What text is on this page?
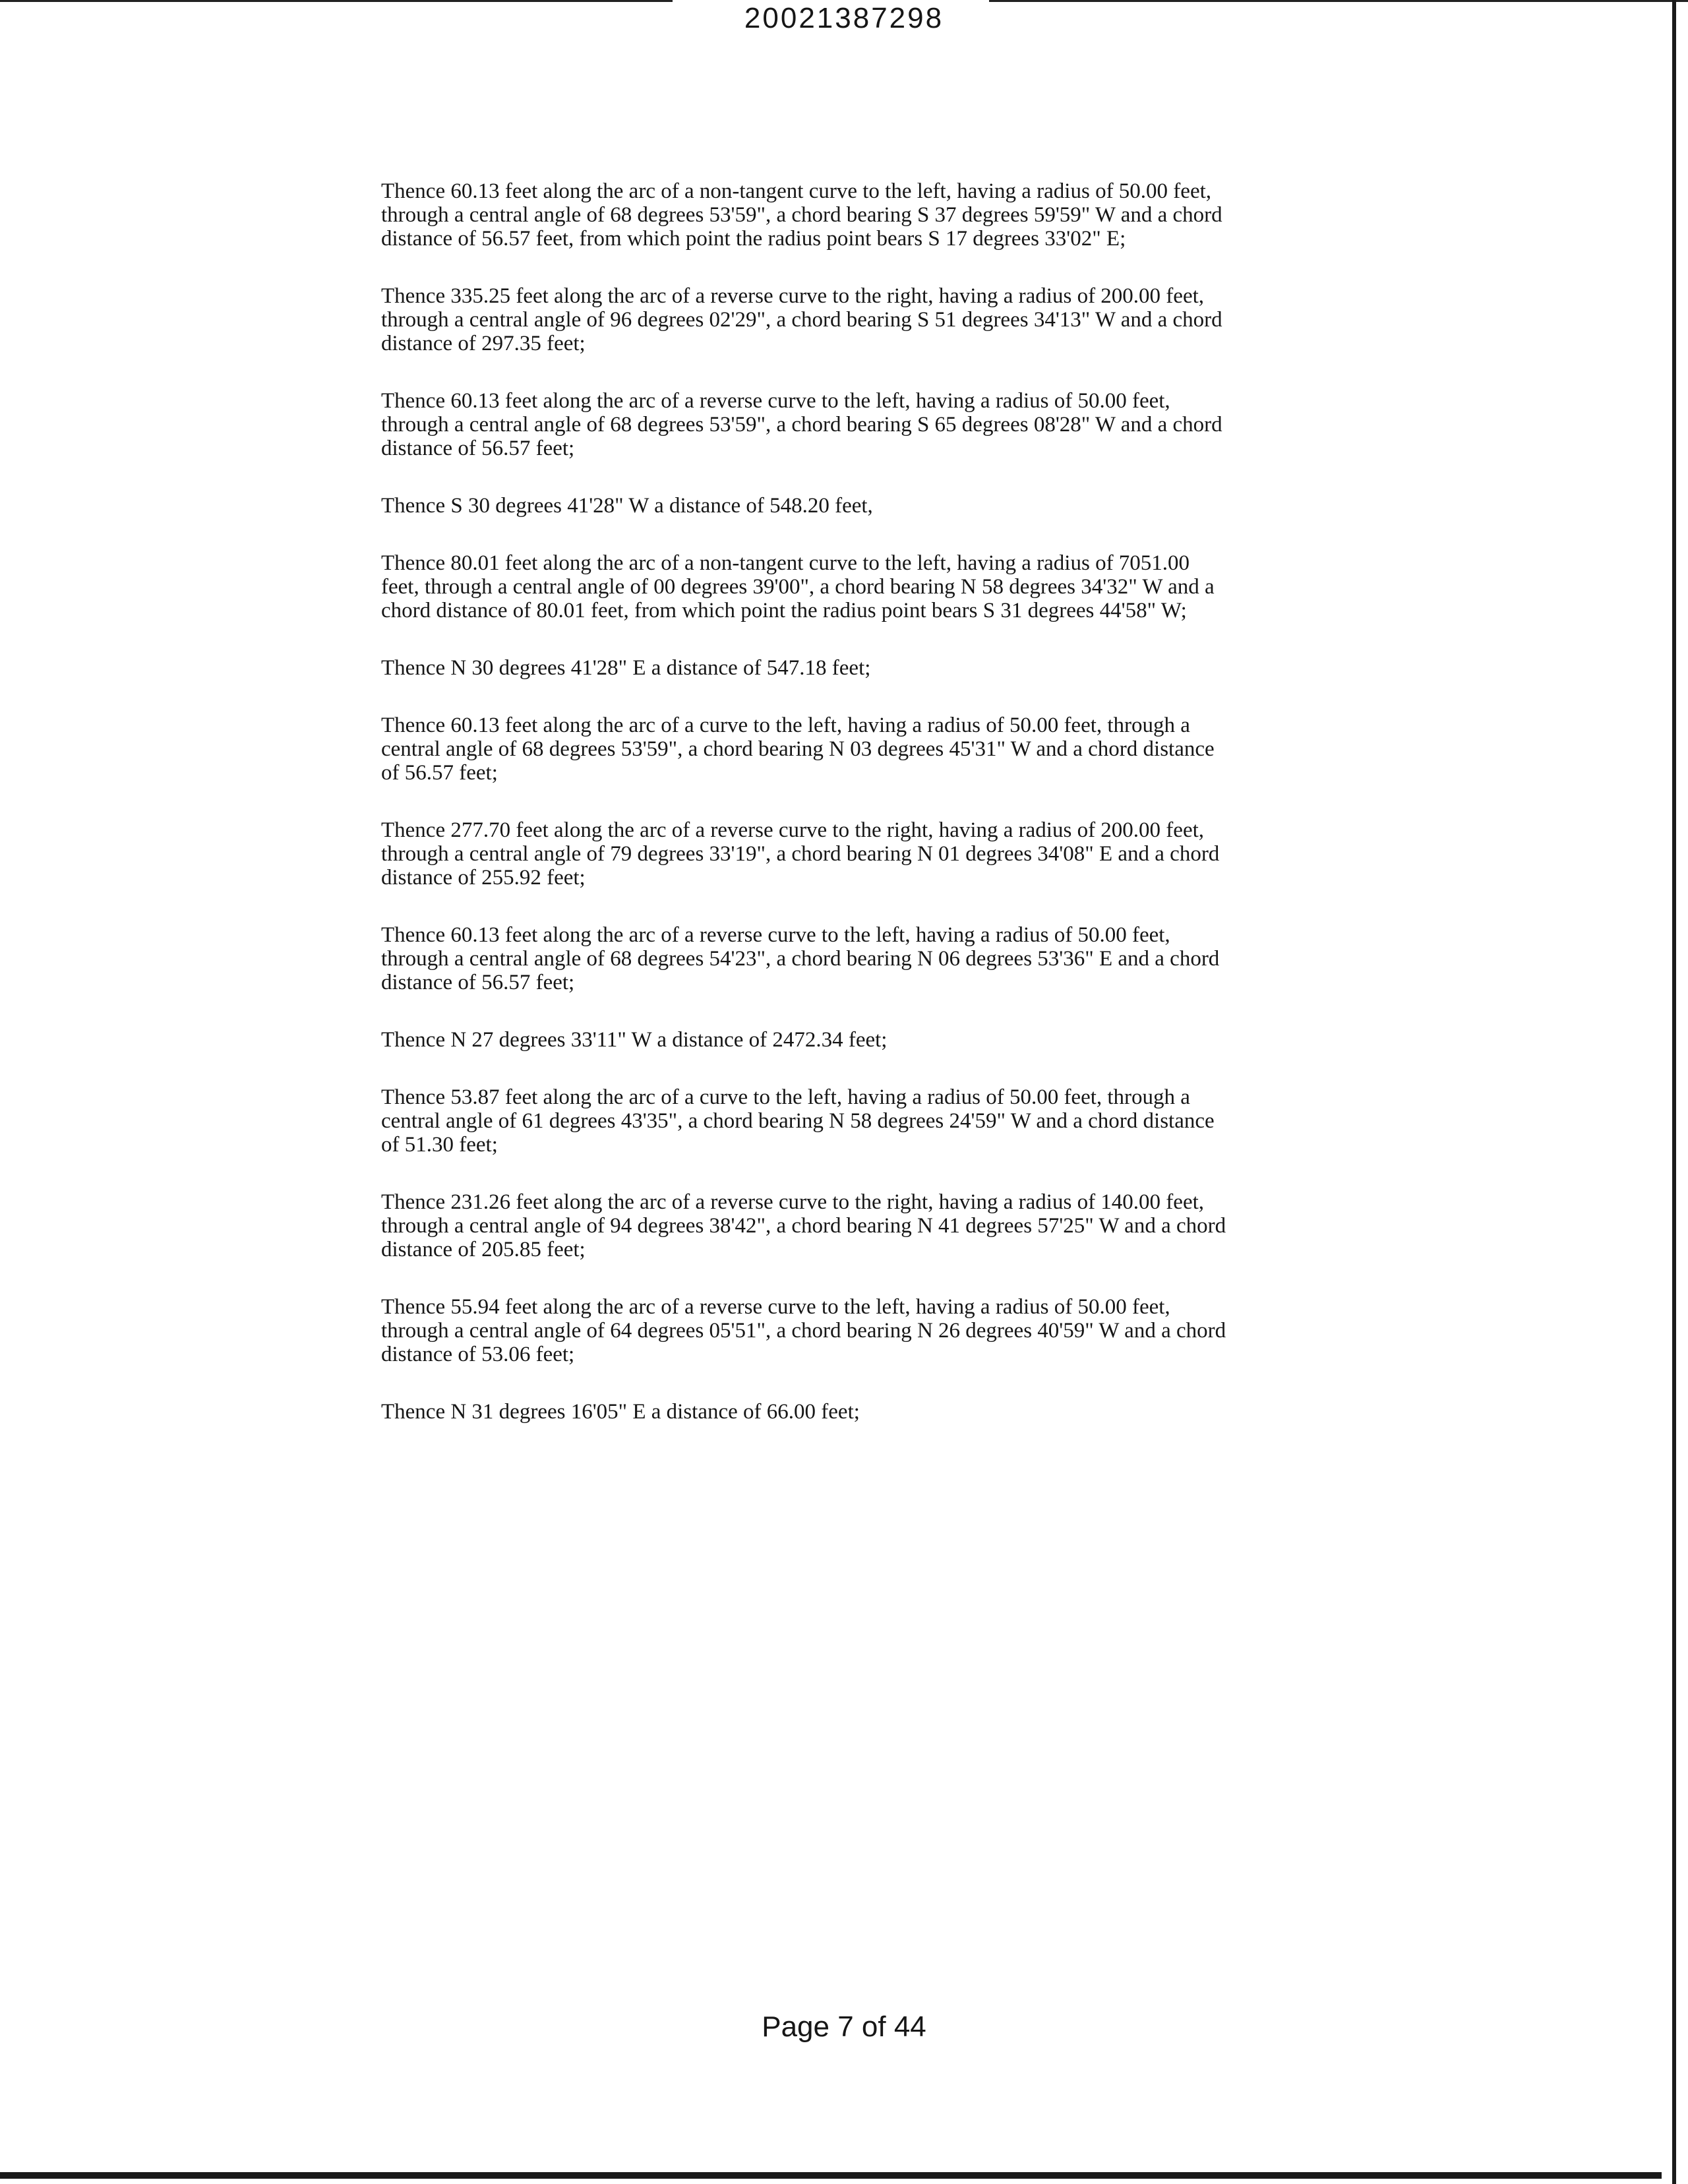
20021387298

Thence 60.13 feet along the arc of a non-tangent curve to the left, having a radius of 50.00 feet,
through a central angle of 68 degrees 53'59", a chord bearing S 37 degrees 59'59" W and a chord
distance of 56.57 feet, from which point the radius point bears S 17 degrees 33'02" E;

Thence 335.25 feet along the arc of a reverse curve to the right, having a radius of 200.00 feet,
through a central angle of 96 degrees 02'29", a chord bearing S 51 degrees 34'13" W and a chord
distance of 297.35 feet;

Thence 60.13 feet along the arc of a reverse curve to the left, having a radius of 50.00 feet,
through a central angle of 68 degrees 53'59", a chord bearing S 65 degrees 08'28" W and a chord
distance of 56.57 feet;

Thence S 30 degrees 41'28" W a distance of 548.20 feet,

Thence 80.01 feet along the arc of a non-tangent curve to the left, having a radius of 7051.00
feet, through a central angle of 00 degrees 39'00", a chord bearing N 58 degrees 34'32" W and a
chord distance of 80.01 feet, from which point the radius point bears S 31 degrees 44'58" W;

Thence N 30 degrees 41'28" E a distance of 547.18 feet;

Thence 60.13 feet along the arc of a curve to the left, having a radius of 50.00 feet, through a
central angle of 68 degrees 53'59", a chord bearing N 03 degrees 45'31" W and a chord distance
of 56.57 feet;

Thence 277.70 feet along the arc of a reverse curve to the right, having a radius of 200.00 feet,
through a central angle of 79 degrees 33'19", a chord bearing N 01 degrees 34'08" E and a chord
distance of 255.92 feet;

Thence 60.13 feet along the arc of a reverse curve to the left, having a radius of 50.00 feet,
through a central angle of 68 degrees 54'23", a chord bearing N 06 degrees 53'36" E and a chord
distance of 56.57 feet;

Thence N 27 degrees 33'11" W a distance of 2472.34 feet;

Thence 53.87 feet along the arc of a curve to the left, having a radius of 50.00 feet, through a
central angle of 61 degrees 43'35", a chord bearing N 58 degrees 24'59" W and a chord distance
of 51.30 feet;

Thence 231.26 feet along the arc of a reverse curve to the right, having a radius of 140.00 feet,
through a central angle of 94 degrees 38'42", a chord bearing N 41 degrees 57'25" W and a chord
distance of 205.85 feet;

Thence 55.94 feet along the arc of a reverse curve to the left, having a radius of 50.00 feet,
through a central angle of 64 degrees 05'51", a chord bearing N 26 degrees 40'59" W and a chord
distance of 53.06 feet;

Thence N 31 degrees 16'05" E a distance of 66.00 feet;

Page 7 of 44
